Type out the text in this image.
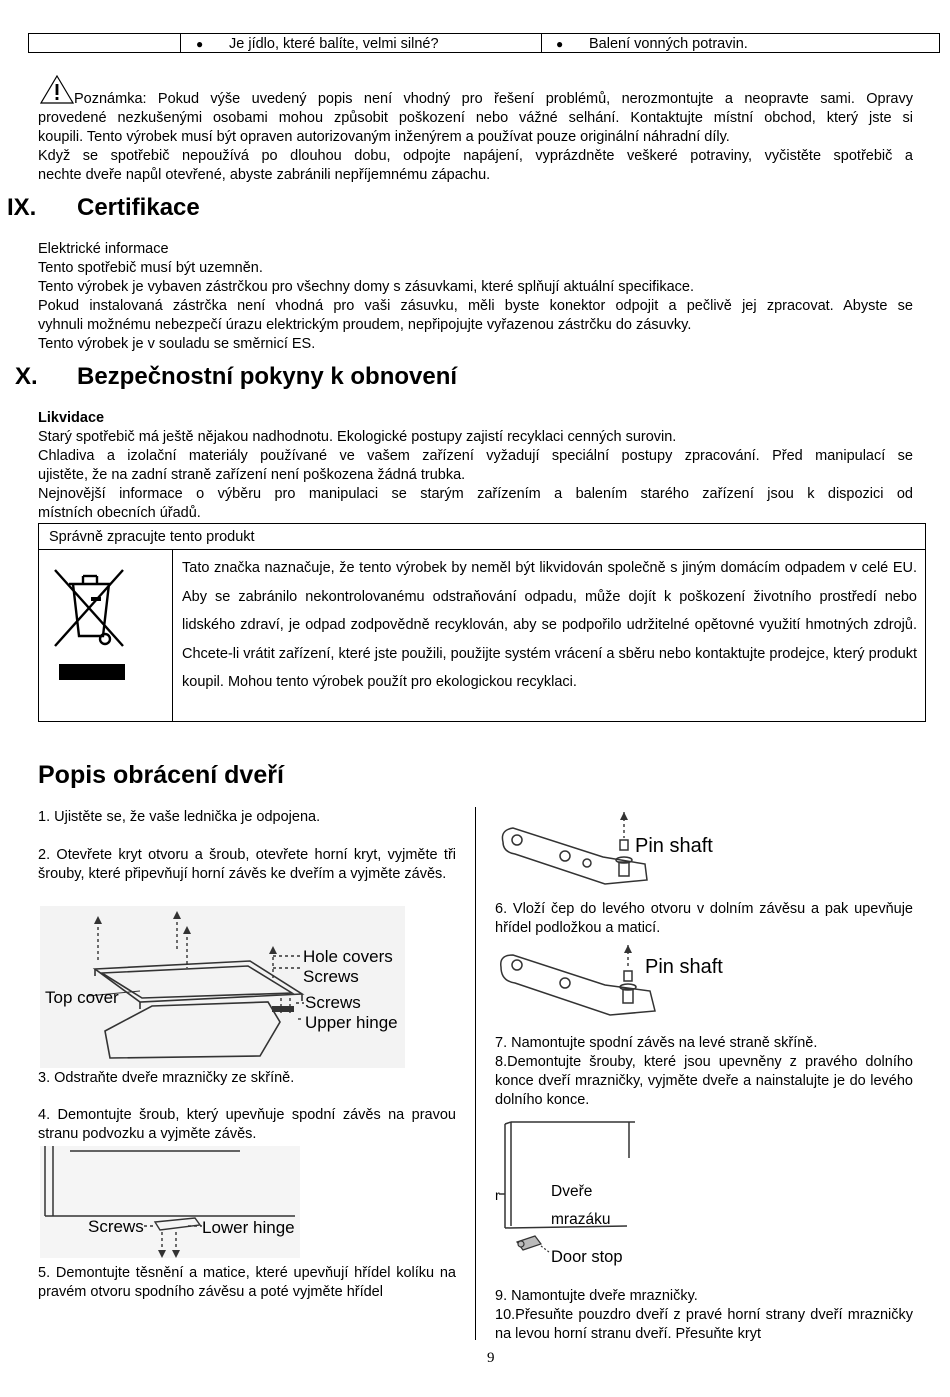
● Je jídlo, které balíte, velmi silné?	● Balení vonných potravin.

Poznámka: Pokud výše uvedený popis není vhodný pro řešení problémů, nerozmontujte a neopravte sami. Opravy

provedené nezkušenými osobami mohou způsobit poškození nebo vážné selhání. Kontaktujte místní obchod, který jste si

koupili. Tento výrobek musí být opraven autorizovaným inženýrem a používat pouze originální náhradní díly.

Když se spotřebič nepoužívá po dlouhou dobu, odpojte napájení, vyprázdněte veškeré potraviny, vyčistěte spotřebič a

nechte dveře napůl otevřené, abyste zabránili nepříjemnému zápachu.

IX. Certifikace

Elektrické informace

Tento spotřebič musí být uzemněn.

Tento výrobek je vybaven zástrčkou pro všechny domy s zásuvkami, které splňují aktuální specifikace.

Pokud instalovaná zástrčka není vhodná pro vaši zásuvku, měli byste konektor odpojit a pečlivě jej zpracovat. Abyste se

vyhnuli možnému nebezpečí úrazu elektrickým proudem, nepřipojujte vyřazenou zástrčku do zásuvky.

Tento výrobek je v souladu se směrnicí ES.

X. Bezpečnostní pokyny k obnovení

Likvidace

Starý spotřebič má ještě nějakou nadhodnotu. Ekologické postupy zajistí recyklaci cenných surovin.

Chladiva a izolační materiály používané ve vašem zařízení vyžadují speciální postupy zpracování. Před manipulací se

ujistěte, že na zadní straně zařízení není poškozena žádná trubka.

Nejnovější informace o výběru pro manipulaci se starým zařízením a balením starého zařízení jsou k dispozici od

místních obecních úřadů.

Správně zpracujte tento produkt
Tato značka naznačuje, že tento výrobek by neměl být likvidován společně s jiným domácím odpadem v celé EU. Aby se zabránilo nekontrolovanému odstraňování odpadu, může dojít k poškození životního prostředí nebo lidského zdraví, je odpad zodpovědně recyklován, aby se podpořilo udržitelné opětovné využití hmotných zdrojů. Chcete-li vrátit zařízení, které jste použili, použijte systém vrácení a sběru nebo kontaktujte prodejce, který produkt koupil. Mohou tento výrobek použít pro ekologickou recyklaci.
Popis obrácení dveří

1. Ujistěte se, že vaše lednička je odpojena.

2. Otevřete kryt otvoru a šroub, otevřete horní kryt, vyjměte tři šrouby, které připevňují horní závěs ke dveřím a vyjměte závěs.

Hole covers
Screws
Top cover	Screws
Upper hinge

3. Odstraňte dveře mrazničky ze skříně.

4. Demontujte šroub, který upevňuje spodní závěs na pravou stranu podvozku a vyjměte závěs.

Screws	Lower hinge

5. Demontujte těsnění a matice, které upevňují hřídel kolíku na pravém otvoru spodního závěsu a poté vyjměte hřídel

Pin shaft

6. Vloží čep do levého otvoru v dolním závěsu a pak upevňuje hřídel podložkou a maticí.

Pin shaft

7. Namontujte spodní závěs na levé straně skříně.

8.Demontujte šrouby, které jsou upevněny z pravého dolního konce dveří mrazničky, vyjměte dveře a nainstalujte je do levého dolního konce.

r	Dveře
mrazáku
Door stop

9. Namontujte dveře mrazničky.

10.Přesuňte pouzdro dveří z pravé horní strany dveří mrazničky na levou horní stranu dveří. Přesuňte kryt

9
